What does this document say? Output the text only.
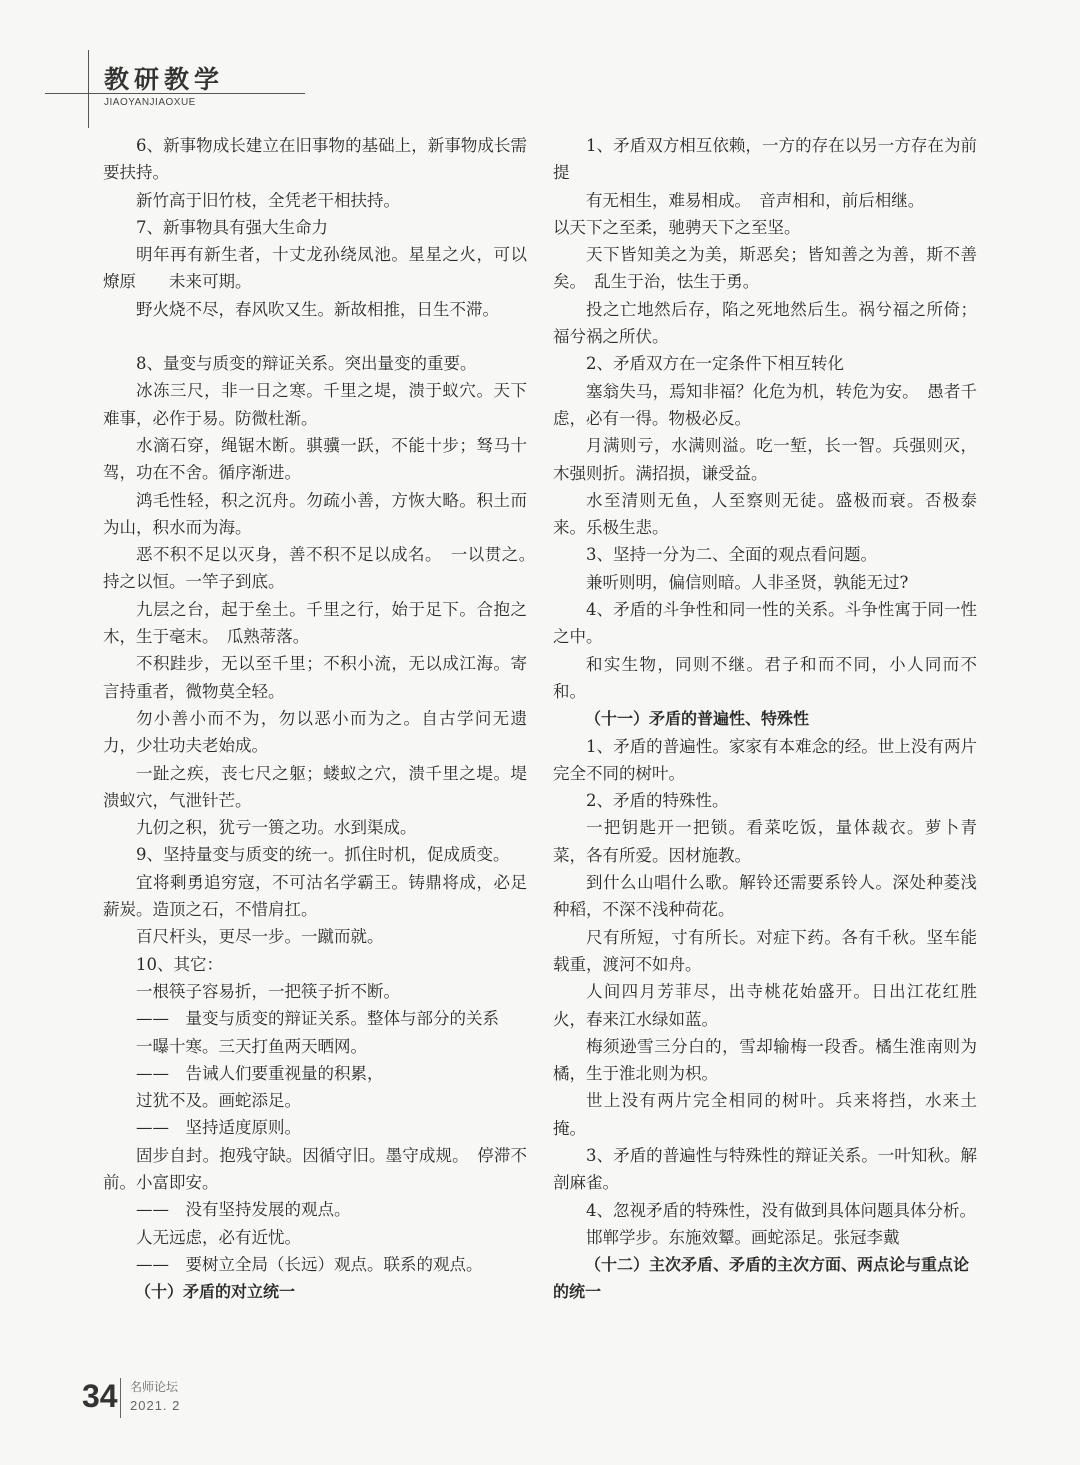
教研教学
JIAOYANJIAOXUE

6、新事物成长建立在旧事物的基础上，新事物成长需要扶持。

新竹高于旧竹枝，全凭老干相扶持。

7、新事物具有强大生命力

明年再有新生者，十丈龙孙绕凤池。星星之火，可以燎原　　未来可期。

野火烧不尽，春风吹又生。新故相推，日生不滞。

8、量变与质变的辩证关系。突出量变的重要。

冰冻三尺，非一日之寒。千里之堤，溃于蚁穴。天下难事，必作于易。防微杜渐。

水滴石穿，绳锯木断。骐骥一跃，不能十步；驽马十驾，功在不舍。循序渐进。

鸿毛性轻，积之沉舟。勿疏小善，方恢大略。积土而为山，积水而为海。

恶不积不足以灭身，善不积不足以成名。　一以贯之。　持之以恒。一竿子到底。

九层之台，起于垒土。千里之行，始于足下。合抱之木，生于毫末。　瓜熟蒂落。

不积跬步，无以至千里；不积小流，无以成江海。寄言持重者，微物莫全轻。

勿小善小而不为，勿以恶小而为之。自古学问无遗力，少壮功夫老始成。

一趾之疾，丧七尺之躯；蝼蚁之穴，溃千里之堤。堤溃蚁穴，气泄针芒。

九仞之积，犹亏一篑之功。水到渠成。

9、坚持量变与质变的统一。抓住时机，促成质变。

宜将剩勇追穷寇，不可沽名学霸王。铸鼎将成，必足薪炭。造顶之石，不惜肩扛。

百尺杆头，更尽一步。一蹴而就。

10、其它：

一根筷子容易折，一把筷子折不断。

——　量变与质变的辩证关系。整体与部分的关系

一曝十寒。三天打鱼两天晒网。

——　告诫人们要重视量的积累，

过犹不及。画蛇添足。

——　坚持适度原则。

固步自封。抱残守缺。因循守旧。墨守成规。　停滞不前。小富即安。

——　没有坚持发展的观点。

人无远虑，必有近忧。

——　要树立全局（长远）观点。联系的观点。

（十）矛盾的对立统一

1、矛盾双方相互依赖，一方的存在以另一方存在为前提

有无相生，难易相成。　音声相和，前后相继。

以天下之至柔，驰骋天下之至坚。

天下皆知美之为美，斯恶矣；皆知善之为善，斯不善矣。　乱生于治，怯生于勇。

投之亡地然后存，陷之死地然后生。祸兮福之所倚；福兮祸之所伏。

2、矛盾双方在一定条件下相互转化

塞翁失马，焉知非福？化危为机，转危为安。　愚者千虑，必有一得。物极必反。

月满则亏，水满则溢。吃一堑，长一智。兵强则灭，木强则折。满招损，谦受益。

水至清则无鱼，人至察则无徒。盛极而衰。否极泰来。乐极生悲。

3、坚持一分为二、全面的观点看问题。

兼听则明，偏信则暗。人非圣贤，孰能无过?

4、矛盾的斗争性和同一性的关系。斗争性寓于同一性之中。

和实生物，同则不继。君子和而不同，小人同而不和。

（十一）矛盾的普遍性、特殊性

1、矛盾的普遍性。家家有本难念的经。世上没有两片完全不同的树叶。

2、矛盾的特殊性。

一把钥匙开一把锁。看菜吃饭，量体裁衣。萝卜青菜，各有所爱。因材施教。

到什么山唱什么歌。解铃还需要系铃人。深处种菱浅种稻，不深不浅种荷花。

尺有所短，寸有所长。对症下药。各有千秋。坚车能载重，渡河不如舟。

人间四月芳菲尽，出寺桃花始盛开。日出江花红胜火，春来江水绿如蓝。

梅须逊雪三分白的，雪却输梅一段香。橘生淮南则为橘，生于淮北则为枳。

世上没有两片完全相同的树叶。兵来将挡，水来土掩。

3、矛盾的普遍性与特殊性的辩证关系。一叶知秋。解剖麻雀。

4、忽视矛盾的特殊性，没有做到具体问题具体分析。

邯郸学步。东施效颦。画蛇添足。张冠李戴

（十二）主次矛盾、矛盾的主次方面、两点论与重点论的统一

34 名师论坛
2021. 2
